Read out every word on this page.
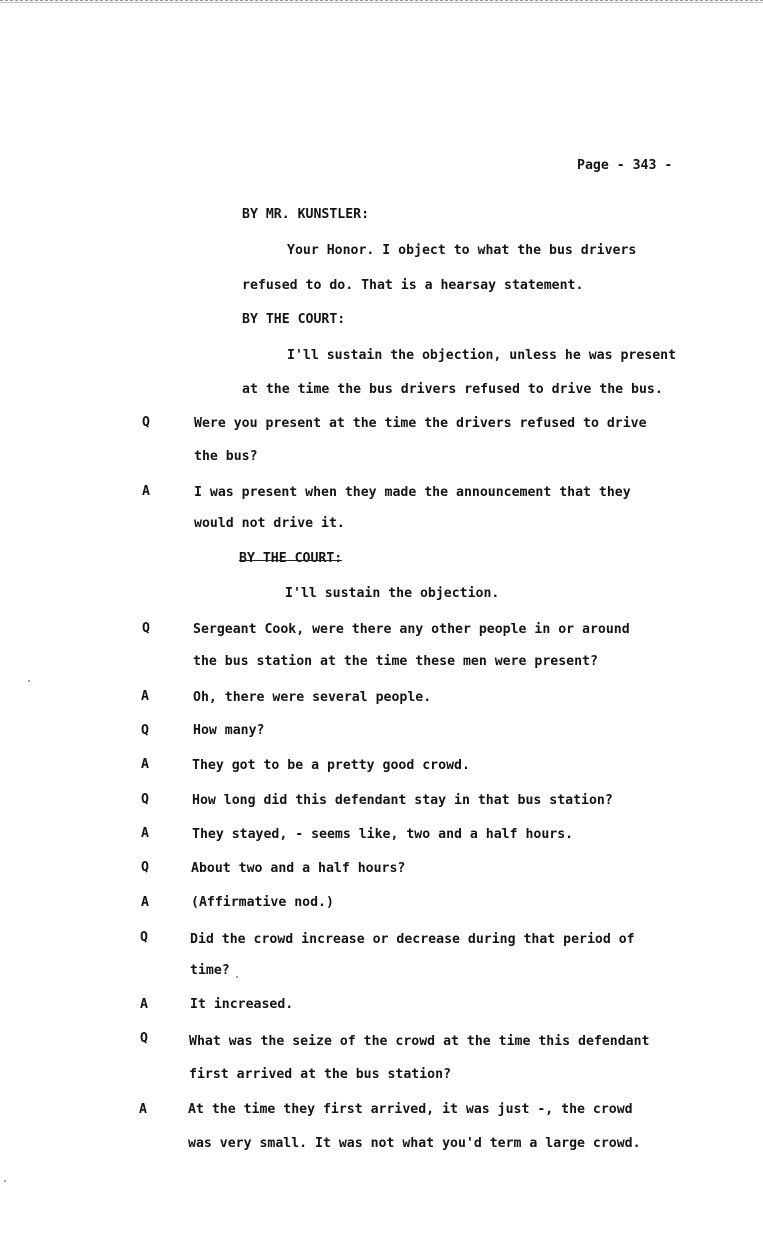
Page - 343 -
BY MR. KUNSTLER:
Your Honor. I object to what the bus drivers
refused to do. That is a hearsay statement.
BY THE COURT:
I'll sustain the objection, unless he was present
at the time the bus drivers refused to drive the bus.
Q	Were you present at the time the drivers refused to drive
the bus?
A	I was present when they made the announcement that they
would not drive it.
BY THE COURT:
I'll sustain the objection.
Q	Sergeant Cook, were there any other people in or around
the bus station at the time these men were present?
A	Oh, there were several people.
Q	How many?
A	They got to be a pretty good crowd.
Q	How long did this defendant stay in that bus station?
A	They stayed, - seems like, two and a half hours.
Q	About two and a half hours?
A	(Affirmative nod.)
Q	Did the crowd increase or decrease during that period of
time?
A	It increased.
Q	What was the seize of the crowd at the time this defendant
first arrived at the bus station?
A	At the time they first arrived, it was just -, the crowd
was very small. It was not what you'd term a large crowd.
